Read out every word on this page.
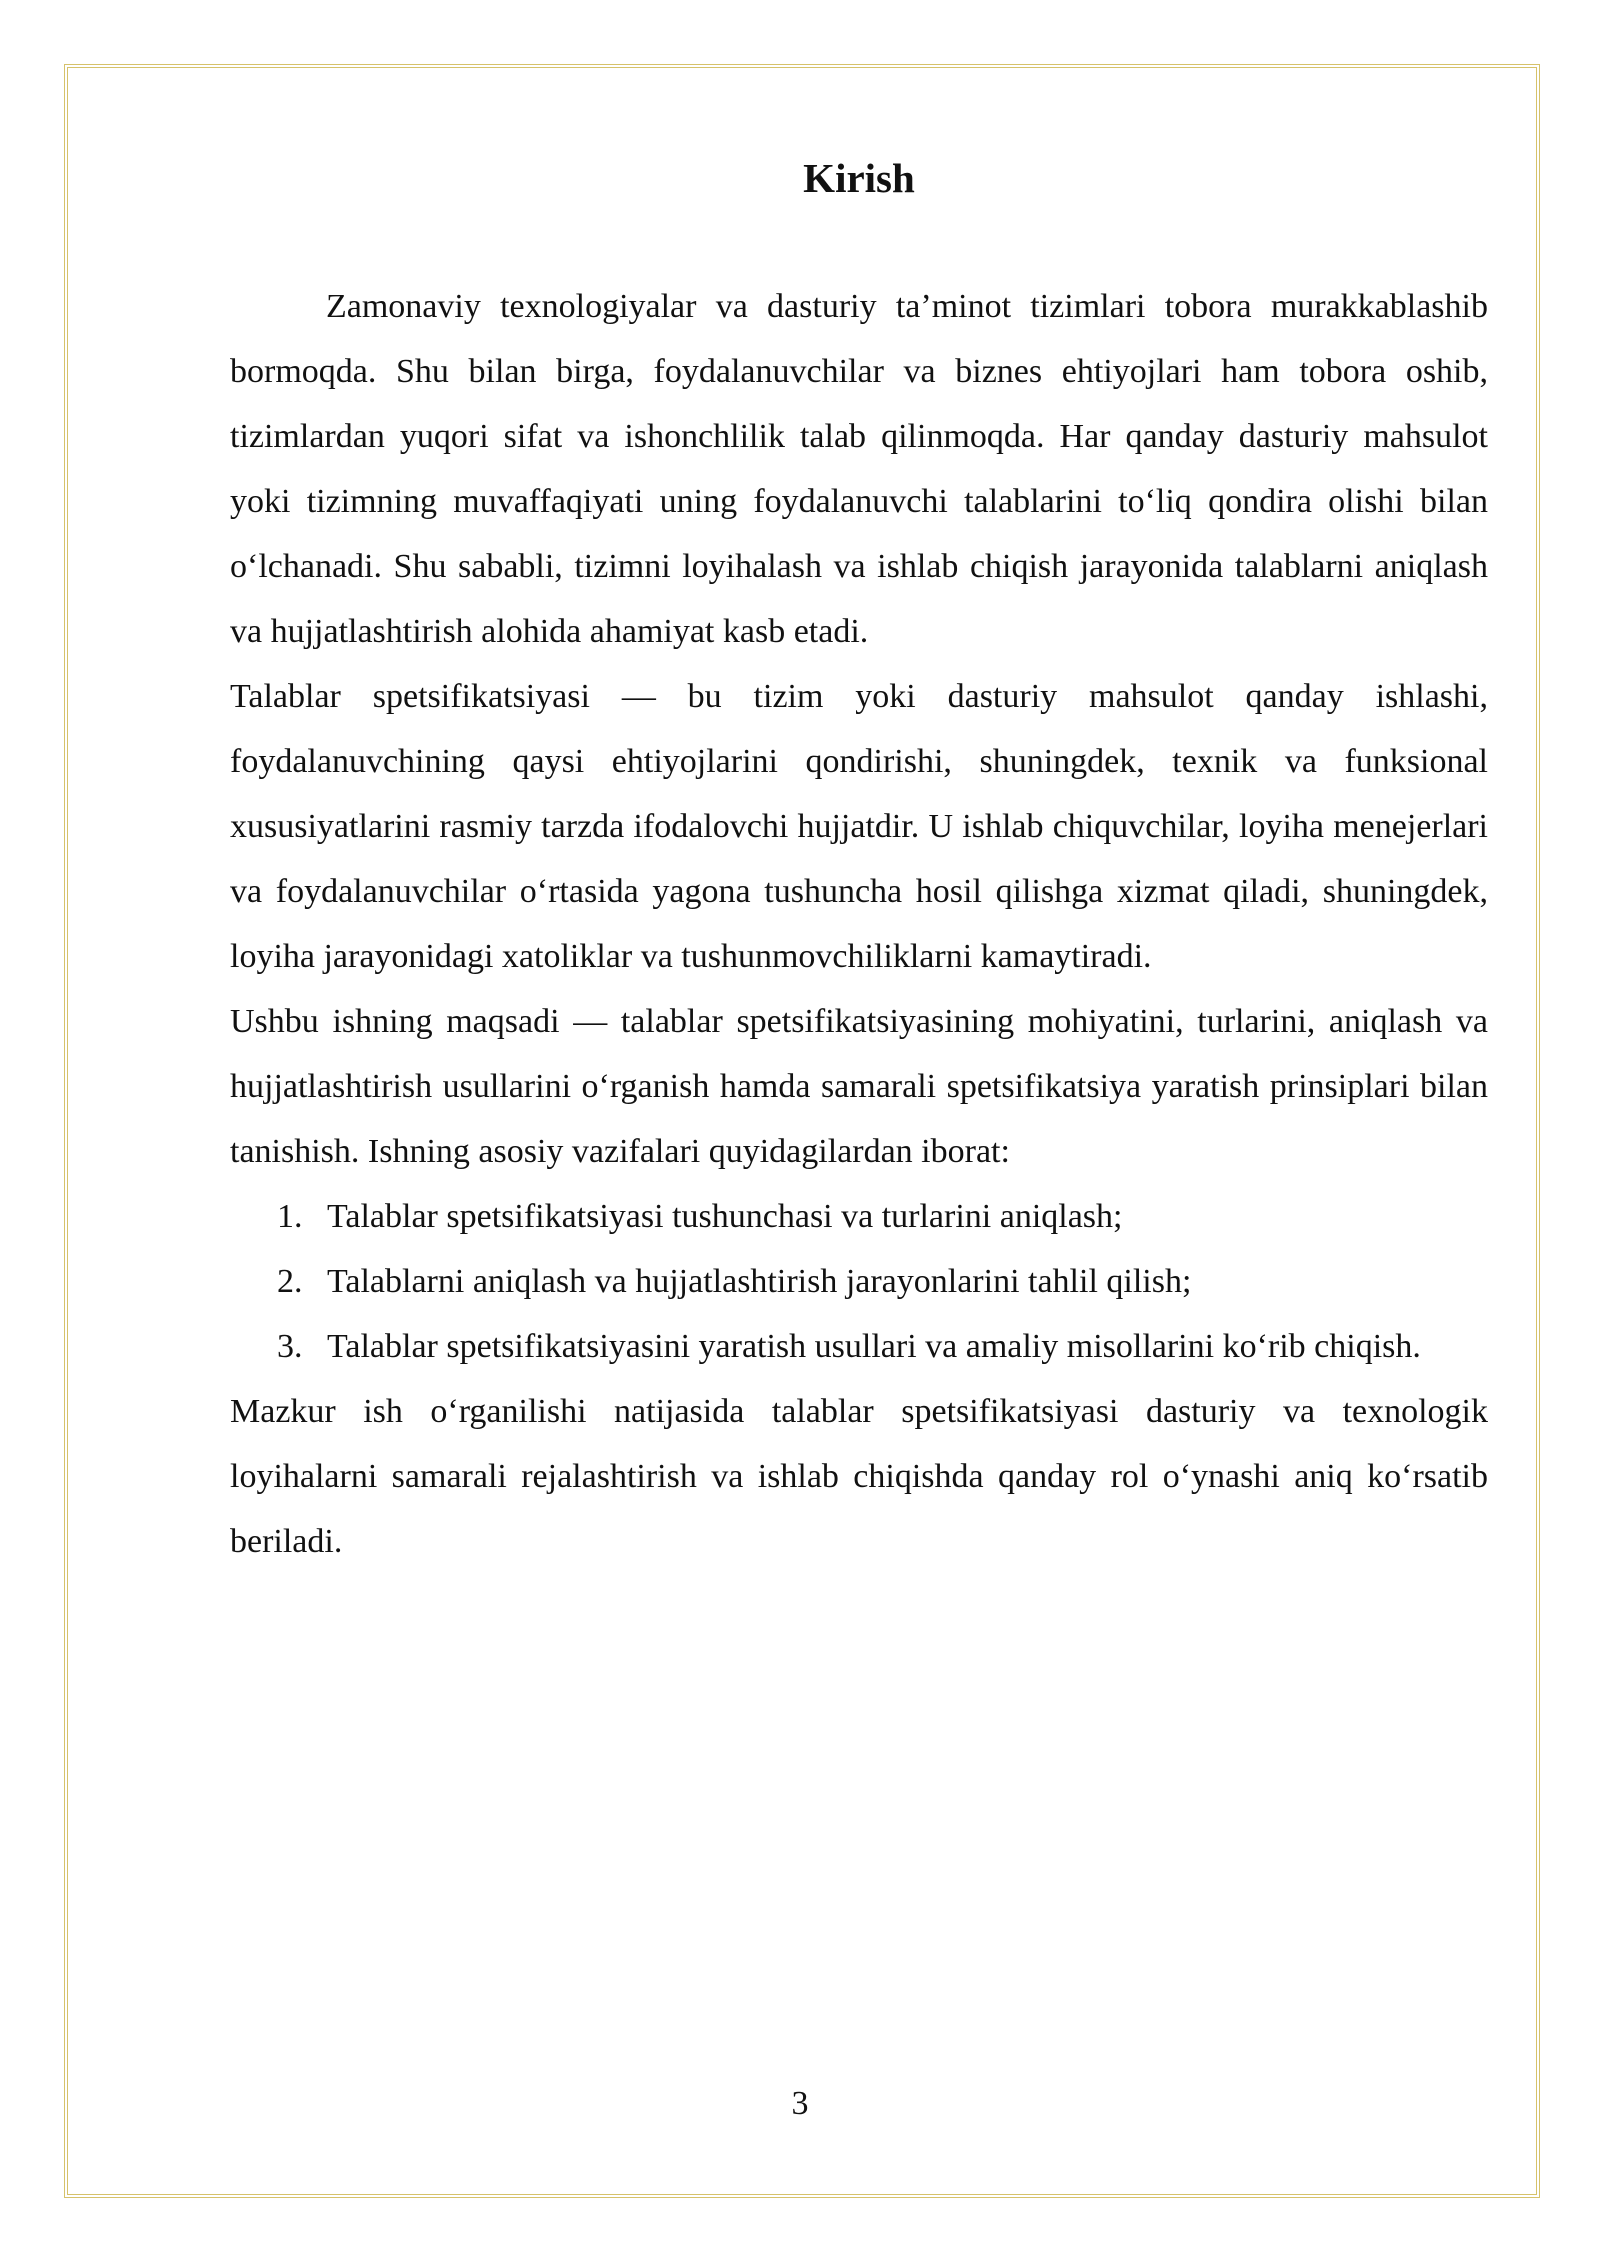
Kirish

Zamonaviy texnologiyalar va dasturiy ta’minot tizimlari tobora murakkablashib bormoqda. Shu bilan birga, foydalanuvchilar va biznes ehtiyojlari ham tobora oshib, tizimlardan yuqori sifat va ishonchlilik talab qilinmoqda. Har qanday dasturiy mahsulot yoki tizimning muvaffaqiyati uning foydalanuvchi talablarini to‘liq qondira olishi bilan o‘lchanadi. Shu sababli, tizimni loyihalash va ishlab chiqish jarayonida talablarni aniqlash va hujjatlashtirish alohida ahamiyat kasb etadi.

Talablar spetsifikatsiyasi — bu tizim yoki dasturiy mahsulot qanday ishlashi, foydalanuvchining qaysi ehtiyojlarini qondirishi, shuningdek, texnik va funksional xususiyatlarini rasmiy tarzda ifodalovchi hujjatdir. U ishlab chiquvchilar, loyiha menejerlari va foydalanuvchilar o‘rtasida yagona tushuncha hosil qilishga xizmat qiladi, shuningdek, loyiha jarayonidagi xatoliklar va tushunmovchiliklarni kamaytiradi.

Ushbu ishning maqsadi — talablar spetsifikatsiyasining mohiyatini, turlarini, aniqlash va hujjatlashtirish usullarini o‘rganish hamda samarali spetsifikatsiya yaratish prinsiplari bilan tanishish. Ishning asosiy vazifalari quyidagilardan iborat:

1. Talablar spetsifikatsiyasi tushunchasi va turlarini aniqlash;
2. Talablarni aniqlash va hujjatlashtirish jarayonlarini tahlil qilish;
3. Talablar spetsifikatsiyasini yaratish usullari va amaliy misollarini ko‘rib chiqish.

Mazkur ish o‘rganilishi natijasida talablar spetsifikatsiyasi dasturiy va texnologik loyihalarni samarali rejalashtirish va ishlab chiqishda qanday rol o‘ynashi aniq ko‘rsatib beriladi.

3
